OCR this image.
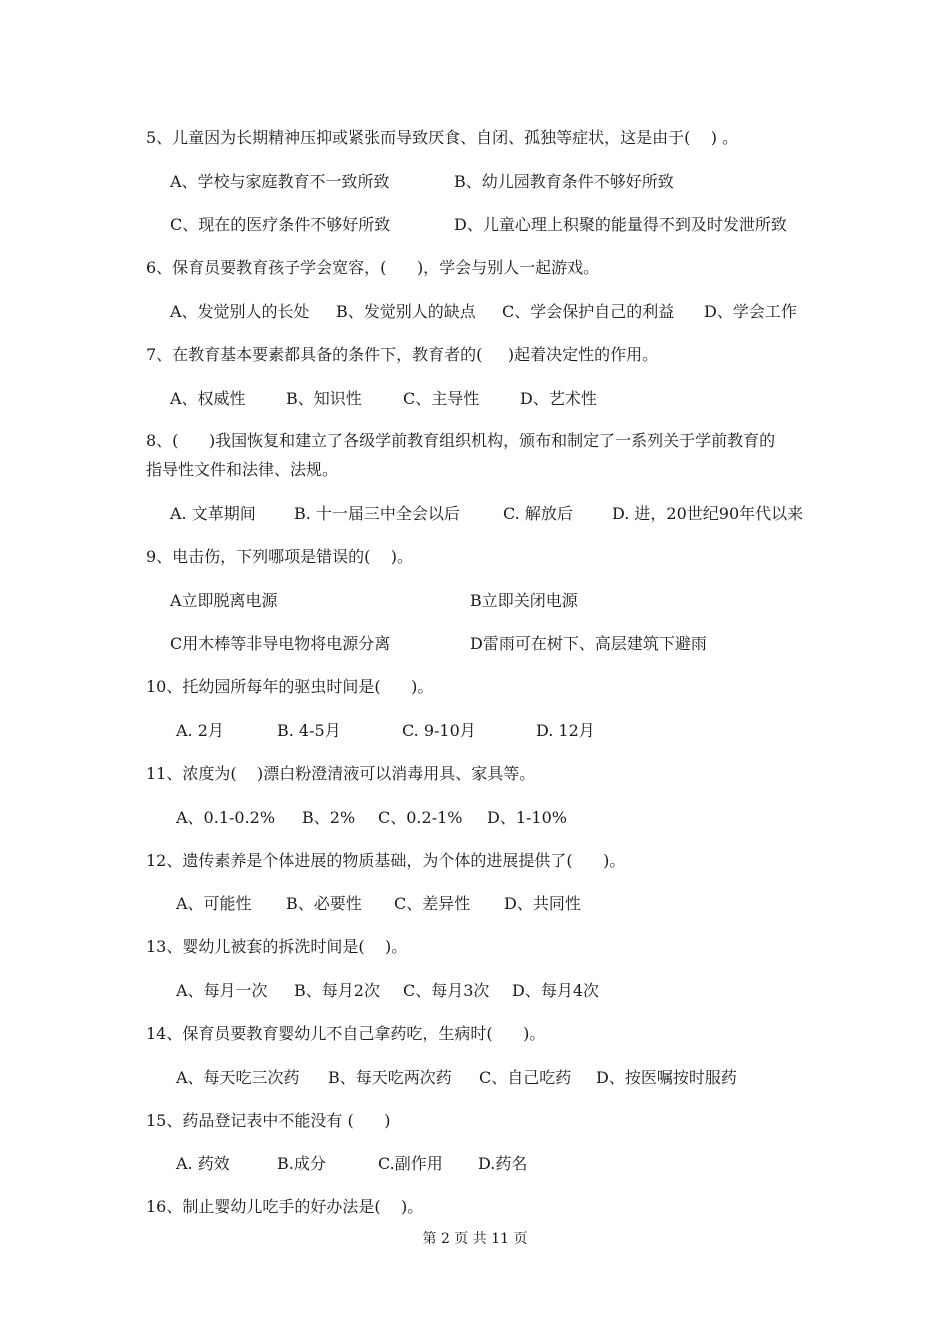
5、儿童因为长期精神压抑或紧张而导致厌食、自闭、孤独等症状，这是由于(    ) 。
A、学校与家庭教育不一致所致	B、幼儿园教育条件不够好所致
C、现在的医疗条件不够好所致	D、儿童心理上积聚的能量得不到及时发泄所致
6、保育员要教育孩子学会宽容，(      )，学会与别人一起游戏。
A、发觉别人的长处 B、发觉别人的缺点 C、学会保护自己的利益 D、学会工作
7、在教育基本要素都具备的条件下，教育者的(     )起着决定性的作用。
A、权威性	B、知识性	C、主导性	D、艺术性
8、(      )我国恢复和建立了各级学前教育组织机构，颁布和制定了一系列关于学前教育的
指导性文件和法律、法规。
A. 文革期间 B. 十一届三中全会以后	C. 解放后 D. 进，20世纪90年代以来
9、电击伤，下列哪项是错误的(    )。
A立即脱离电源	B立即关闭电源
C用木棒等非导电物将电源分离	D雷雨可在树下、高层建筑下避雨
10、托幼园所每年的驱虫时间是(      )。
A. 2月	B. 4-5月	C. 9-10月	D. 12月
11、浓度为(    )漂白粉澄清液可以消毒用具、家具等。
A、0.1-0.2% B、2% C、0.2-1% D、1-10%
12、遗传素养是个体进展的物质基础，为个体的进展提供了(      )。
A、可能性 B、必要性 C、差异性 D、共同性
13、婴幼儿被套的拆洗时间是(    )。
A、每月一次 B、每月2次 C、每月3次 D、每月4次
14、保育员要教育婴幼儿不自己拿药吃，生病时(      )。
A、每天吃三次药 B、每天吃两次药 C、自己吃药 D、按医嘱按时服药
15、药品登记表中不能没有 (      )
A. 药效	B.成分	C.副作用 D.药名
16、制止婴幼儿吃手的好办法是(    )。
第 2 页 共 11 页
